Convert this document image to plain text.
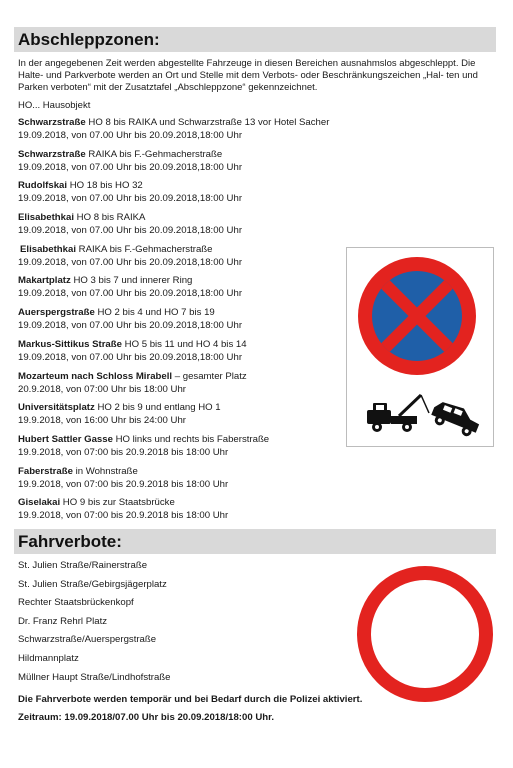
Abschleppzonen:
In der angegebenen Zeit werden abgestellte Fahrzeuge in diesen Bereichen ausnahmslos abgeschleppt. Die Halte- und Parkverbote werden an Ort und Stelle mit dem Verbots- oder Beschränkungszeichen „Hal- ten und Parken verboten“ mit der Zusatztafel „Abschleppzone“ gekennzeichnet.
HO... Hausobjekt
Schwarzstraße HO 8 bis RAIKA und Schwarzstraße 13 vor Hotel Sacher
19.09.2018, von 07.00 Uhr bis 20.09.2018,18:00 Uhr
Schwarzstraße RAIKA bis F.-Gehmacherstraße
19.09.2018, von 07.00 Uhr bis 20.09.2018,18:00 Uhr
Rudolfskai HO 18 bis HO 32
19.09.2018, von 07.00 Uhr bis 20.09.2018,18:00 Uhr
Elisabethkai HO 8 bis RAIKA
19.09.2018, von 07.00 Uhr bis 20.09.2018,18:00 Uhr
Elisabethkai RAIKA bis F.-Gehmacherstraße
19.09.2018, von 07.00 Uhr bis 20.09.2018,18:00 Uhr
Makartplatz HO 3 bis 7 und innerer Ring
19.09.2018, von 07.00 Uhr bis 20.09.2018,18:00 Uhr
Auerspergstraße HO 2 bis 4 und HO 7 bis 19
19.09.2018, von 07.00 Uhr bis 20.09.2018,18:00 Uhr
Markus-Sittikus Straße HO 5 bis 11 und HO 4 bis 14
19.09.2018, von 07.00 Uhr bis 20.09.2018,18:00 Uhr
Mozarteum nach Schloss Mirabell – gesamter Platz
20.9.2018, von 07:00 Uhr bis 18:00 Uhr
Universitätsplatz HO 2 bis 9 und entlang HO 1
19.9.2018, von 16:00 Uhr bis 24:00 Uhr
Hubert Sattler Gasse HO links und rechts bis Faberstraße
19.9.2018, von 07:00 bis 20.9.2018 bis 18:00 Uhr
Faberstraße in Wohnstraße
19.9.2018, von 07:00 bis 20.9.2018 bis 18:00 Uhr
Giselakai HO 9 bis zur Staatsbrücke
19.9.2018, von 07:00 bis 20.9.2018 bis 18:00 Uhr
Fahrverbote:
St. Julien Straße/Rainerstraße
St. Julien Straße/Gebirgsjägerplatz
Rechter Staatsbrückenkopf
Dr. Franz Rehrl Platz
Schwarzstraße/Auerspergstraße
Hildmannplatz
Müllner Haupt Straße/Lindhofstraße
Die Fahrverbote werden temporär und bei Bedarf durch die Polizei aktiviert.
Zeitraum: 19.09.2018/07.00 Uhr bis 20.09.2018/18:00 Uhr.
